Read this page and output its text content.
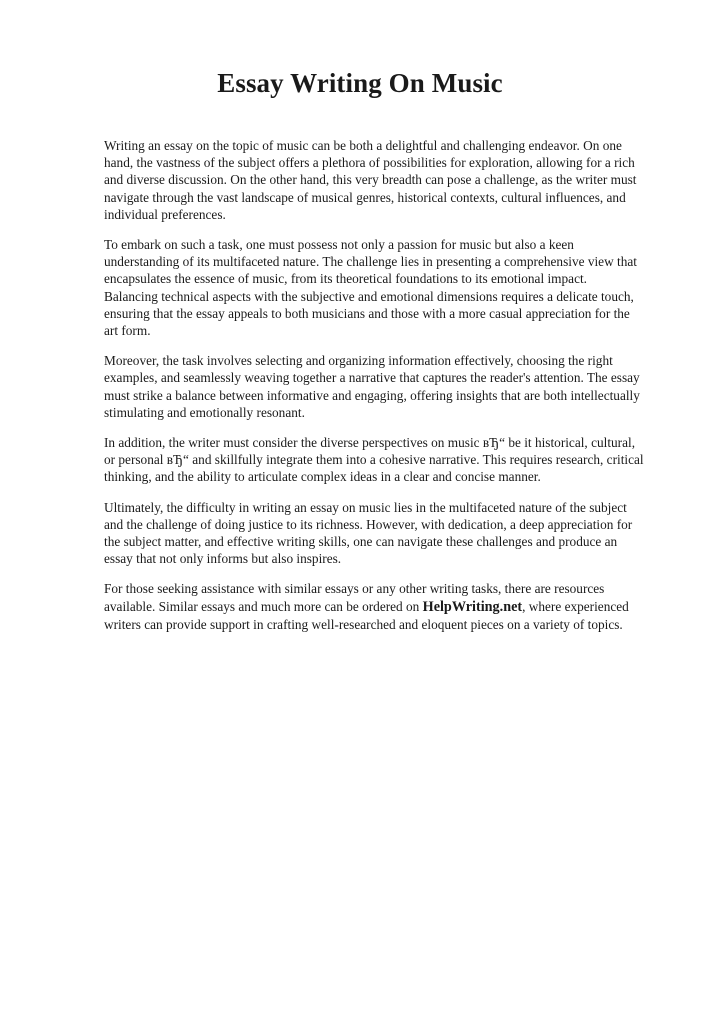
Essay Writing On Music

Writing an essay on the topic of music can be both a delightful and challenging endeavor. On one hand, the vastness of the subject offers a plethora of possibilities for exploration, allowing for a rich and diverse discussion. On the other hand, this very breadth can pose a challenge, as the writer must navigate through the vast landscape of musical genres, historical contexts, cultural influences, and individual preferences.

To embark on such a task, one must possess not only a passion for music but also a keen understanding of its multifaceted nature. The challenge lies in presenting a comprehensive view that encapsulates the essence of music, from its theoretical foundations to its emotional impact. Balancing technical aspects with the subjective and emotional dimensions requires a delicate touch, ensuring that the essay appeals to both musicians and those with a more casual appreciation for the art form.

Moreover, the task involves selecting and organizing information effectively, choosing the right examples, and seamlessly weaving together a narrative that captures the reader's attention. The essay must strike a balance between informative and engaging, offering insights that are both intellectually stimulating and emotionally resonant.

In addition, the writer must consider the diverse perspectives on music вЂ“ be it historical, cultural, or personal вЂ“ and skillfully integrate them into a cohesive narrative. This requires research, critical thinking, and the ability to articulate complex ideas in a clear and concise manner.

Ultimately, the difficulty in writing an essay on music lies in the multifaceted nature of the subject and the challenge of doing justice to its richness. However, with dedication, a deep appreciation for the subject matter, and effective writing skills, one can navigate these challenges and produce an essay that not only informs but also inspires.

For those seeking assistance with similar essays or any other writing tasks, there are resources available. Similar essays and much more can be ordered on HelpWriting.net, where experienced writers can provide support in crafting well-researched and eloquent pieces on a variety of topics.
